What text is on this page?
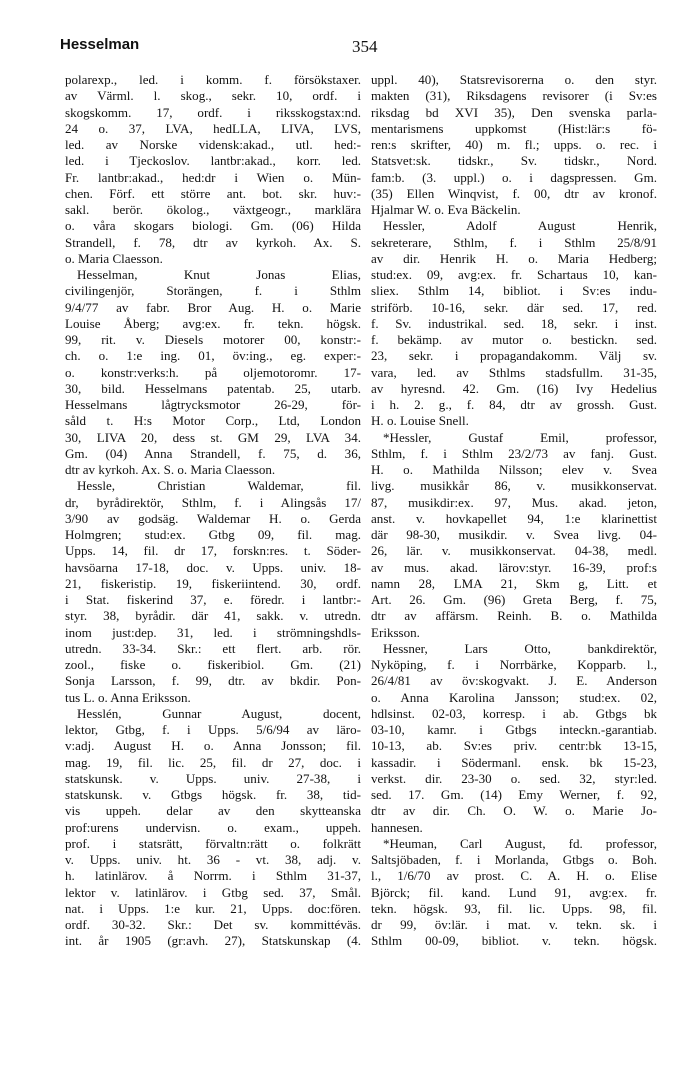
Hesselman	354
polarexp., led. i komm. f. försökstaxer.
av Värml. l. skog., sekr. 10, ordf. i
skogskomm. 17, ordf. i riksskogstax:nd.
24 o. 37, LVA, hedLLA, LIVA, LVS,
led. av Norske vidensk:akad., utl. hed:-
led. i Tjeckoslov. lantbr:akad., korr. led.
Fr. lantbr:akad., hed:dr i Wien o. Mün-
chen. Förf. ett större ant. bot. skr. huv:-
sakl. berör. ökolog., växtgeogr., marklära
o. våra skogars biologi. Gm. (06) Hilda
Strandell, f. 78, dtr av kyrkoh. Ax. S.
o. Maria Claesson.
Hesselman, Knut Jonas Elias,
civilingenjör, Storängen, f. i Sthlm
9/4/77 av fabr. Bror Aug. H. o. Marie
Louise Åberg; avg:ex. fr. tekn. högsk.
99, rit. v. Diesels motorer 00, konstr:-
ch. o. 1:e ing. 01, öv:ing., eg. exper:-
o. konstr:verks:h. på oljemotoromr. 17-
30, bild. Hesselmans patentab. 25, utarb.
Hesselmans lågtrycksmotor 26-29, för-
såld t. H:s Motor Corp., Ltd, London
30, LIVA 20, dess st. GM 29, LVA 34.
Gm. (04) Anna Strandell, f. 75, d. 36,
dtr av kyrkoh. Ax. S. o. Maria Claesson.
Hessle, Christian Waldemar, fil.
dr, byrådirektör, Sthlm, f. i Alingsås 17/
3/90 av godsäg. Waldemar H. o. Gerda
Holmgren; stud:ex. Gtbg 09, fil. mag.
Upps. 14, fil. dr 17, forskn:res. t. Söder-
havsöarna 17-18, doc. v. Upps. univ. 18-
21, fiskeristip. 19, fiskeriintend. 30, ordf.
i Stat. fiskerind 37, e. föredr. i lantbr:-
styr. 38, byrådir. där 41, sakk. v. utredn.
inom just:dep. 31, led. i strömningshdls-
utredn. 33-34. Skr.: ett flert. arb. rör.
zool., fiske o. fiskeribiol. Gm. (21)
Sonja Larsson, f. 99, dtr. av bkdir. Pon-
tus L. o. Anna Eriksson.
Hesslén, Gunnar August, docent,
lektor, Gtbg, f. i Upps. 5/6/94 av läro-
v:adj. August H. o. Anna Jonsson; fil.
mag. 19, fil. lic. 25, fil. dr 27, doc. i
statskunsk. v. Upps. univ. 27-38, i
statskunsk. v. Gtbgs högsk. fr. 38, tid-
vis uppeh. delar av den skytteanska
prof:urens undervisn. o. exam., uppeh.
prof. i statsrätt, förvaltn:rätt o. folkrätt
v. Upps. univ. ht. 36 - vt. 38, adj. v.
h. latinlärov. å Norrm. i Sthlm 31-37,
lektor v. latinlärov. i Gtbg sed. 37, Smål.
nat. i Upps. 1:e kur. 21, Upps. doc:fören.
ordf. 30-32. Skr.: Det sv. kommittéväs.
int. år 1905 (gr:avh. 27), Statskunskap (4.
uppl. 40), Statsrevisorerna o. den styr.
makten (31), Riksdagens revisorer (i Sv:es
riksdag bd XVI 35), Den svenska parla-
mentarismens uppkomst (Hist:lär:s fö-
ren:s skrifter, 40) m. fl.; upps. o. rec. i
Statsvet:sk. tidskr., Sv. tidskr., Nord.
fam:b. (3. uppl.) o. i dagspressen. Gm.
(35) Ellen Winqvist, f. 00, dtr av kronof.
Hjalmar W. o. Eva Bäckelin.
Hessler, Adolf August Henrik,
sekreterare, Sthlm, f. i Sthlm 25/8/91
av dir. Henrik H. o. Maria Hedberg;
stud:ex. 09, avg:ex. fr. Schartaus 10, kan-
sliex. Sthlm 14, bibliot. i Sv:es indu-
striförb. 10-16, sekr. där sed. 17, red.
f. Sv. industrikal. sed. 18, sekr. i inst.
f. bekämp. av mutor o. bestickn. sed.
23, sekr. i propagandakomm. Välj sv.
vara, led. av Sthlms stadsfullm. 31-35,
av hyresnd. 42. Gm. (16) Ivy Hedelius
i h. 2. g., f. 84, dtr av grossh. Gust.
H. o. Louise Snell.
*Hessler, Gustaf Emil, professor,
Sthlm, f. i Sthlm 23/2/73 av fanj. Gust.
H. o. Mathilda Nilsson; elev v. Svea
livg. musikkår 86, v. musikkonservat.
87, musikdir:ex. 97, Mus. akad. jeton,
anst. v. hovkapellet 94, 1:e klarinettist
där 98-30, musikdir. v. Svea livg. 04-
26, lär. v. musikkonservat. 04-38, medl.
av mus. akad. lärov:styr. 16-39, prof:s
namn 28, LMA 21, Skm g, Litt. et
Art. 26. Gm. (96) Greta Berg, f. 75,
dtr av affärsm. Reinh. B. o. Mathilda
Eriksson.
Hessner, Lars Otto, bankdirektör,
Nyköping, f. i Norrbärke, Kopparb. l.,
26/4/81 av öv:skogvakt. J. E. Anderson
o. Anna Karolina Jansson; stud:ex. 02,
hdlsinst. 02-03, korresp. i ab. Gtbgs bk
03-10, kamr. i Gtbgs inteckn.-garantiab.
10-13, ab. Sv:es priv. centr:bk 13-15,
kassadir. i Södermanl. ensk. bk 15-23,
verkst. dir. 23-30 o. sed. 32, styr:led.
sed. 17. Gm. (14) Emy Werner, f. 92,
dtr av dir. Ch. O. W. o. Marie Jo-
hannesen.
*Heuman, Carl August, fd. professor,
Saltsjöbaden, f. i Morlanda, Gtbgs o. Boh.
l., 1/6/70 av prost. C. A. H. o. Elise
Björck; fil. kand. Lund 91, avg:ex. fr.
tekn. högsk. 93, fil. lic. Upps. 98, fil.
dr 99, öv:lär. i mat. v. tekn. sk. i
Sthlm 00-09, bibliot. v. tekn. högsk.
